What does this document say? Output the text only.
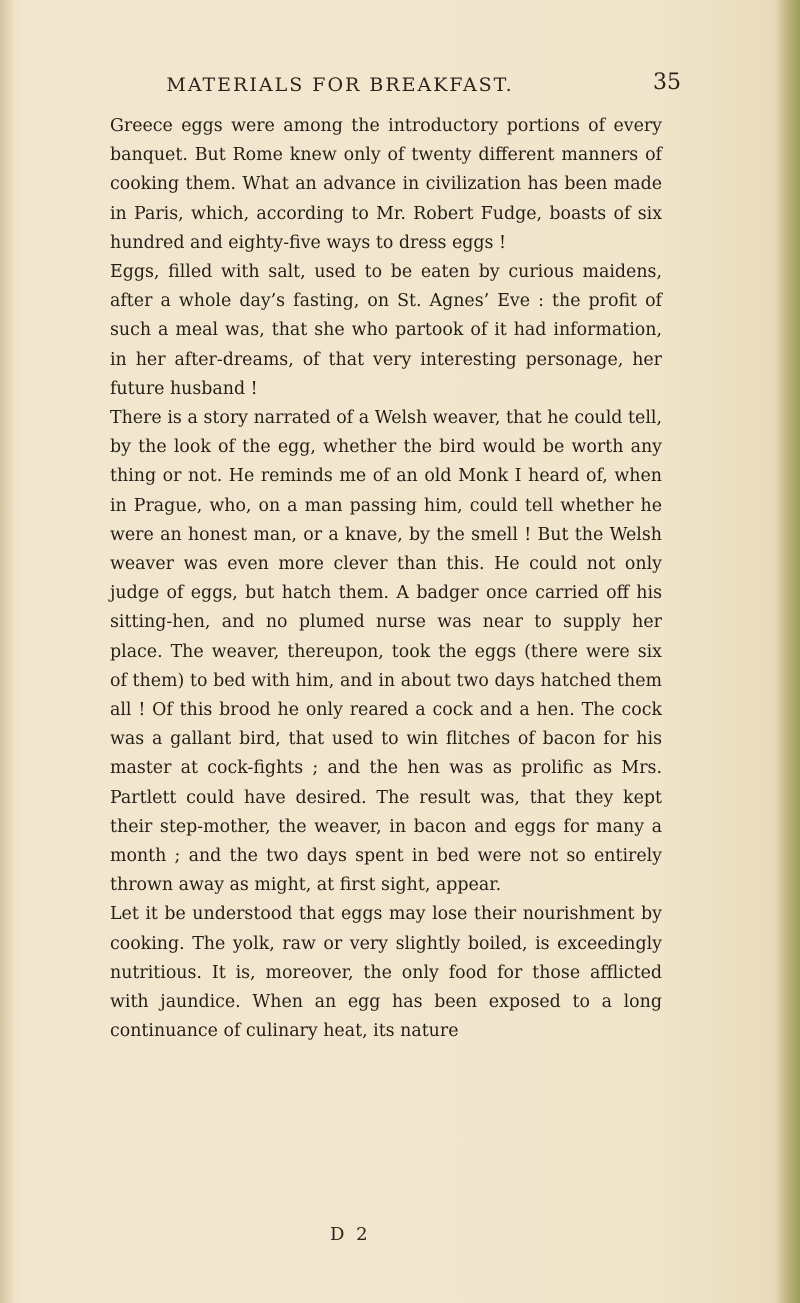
MATERIALS FOR BREAKFAST.	35

Greece eggs were among the introductory portions of every banquet. But Rome knew only of twenty different manners of cooking them. What an advance in civilization has been made in Paris, which, according to Mr. Robert Fudge, boasts of six hundred and eighty-five ways to dress eggs !

Eggs, filled with salt, used to be eaten by curious maidens, after a whole day’s fasting, on St. Agnes’ Eve : the profit of such a meal was, that she who partook of it had information, in her after-dreams, of that very interesting personage, her future husband !

There is a story narrated of a Welsh weaver, that he could tell, by the look of the egg, whether the bird would be worth any thing or not. He reminds me of an old Monk I heard of, when in Prague, who, on a man passing him, could tell whether he were an honest man, or a knave, by the smell ! But the Welsh weaver was even more clever than this. He could not only judge of eggs, but hatch them. A badger once carried off his sitting-hen, and no plumed nurse was near to supply her place. The weaver, thereupon, took the eggs (there were six of them) to bed with him, and in about two days hatched them all ! Of this brood he only reared a cock and a hen. The cock was a gallant bird, that used to win flitches of bacon for his master at cock-fights ; and the hen was as prolific as Mrs. Partlett could have desired. The result was, that they kept their step-mother, the weaver, in bacon and eggs for many a month ; and the two days spent in bed were not so entirely thrown away as might, at first sight, appear.

Let it be understood that eggs may lose their nourishment by cooking. The yolk, raw or very slightly boiled, is exceedingly nutritious. It is, moreover, the only food for those afflicted with jaundice. When an egg has been exposed to a long continuance of culinary heat, its nature

D 2
